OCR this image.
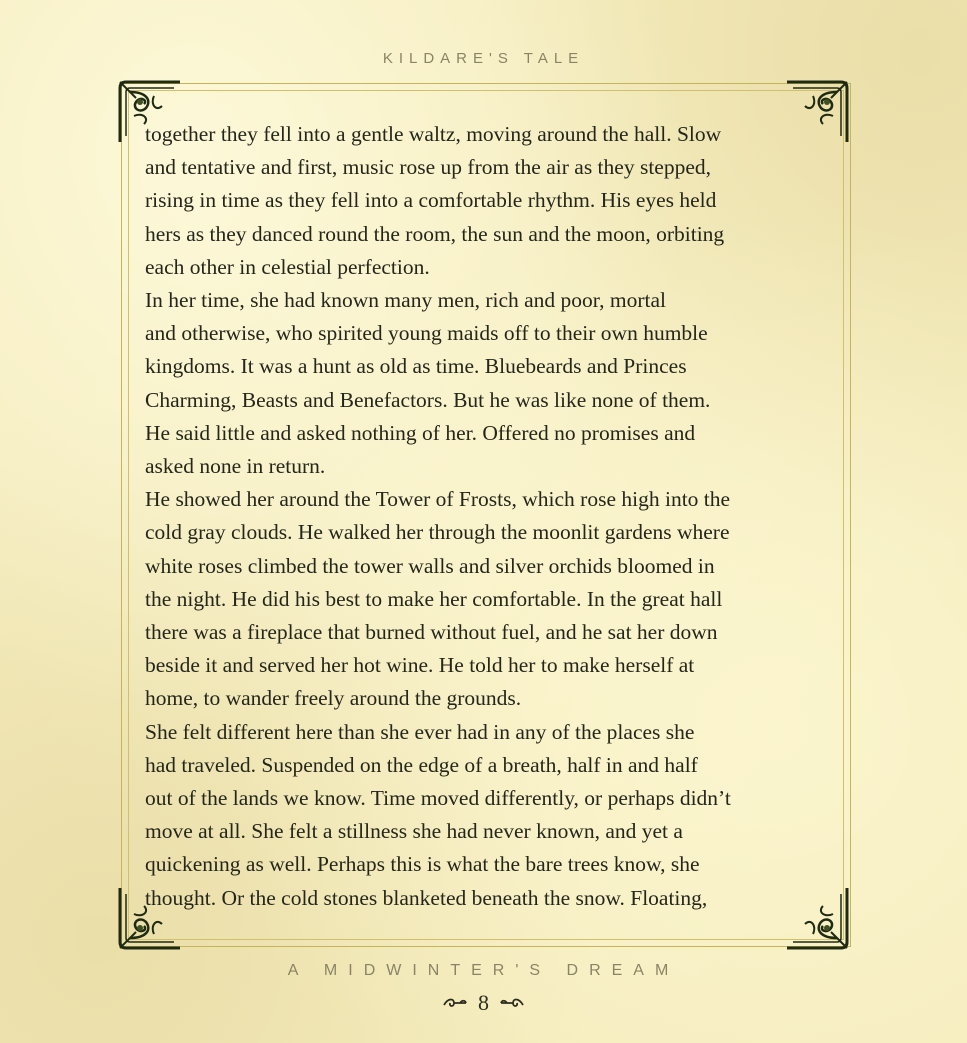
KILDARE'S TALE
together they fell into a gentle waltz, moving around the hall. Slow
and tentative and first, music rose up from the air as they stepped,
rising in time as they fell into a comfortable rhythm. His eyes held
hers as they danced round the room, the sun and the moon, orbiting
each other in celestial perfection.
In her time, she had known many men, rich and poor, mortal
and otherwise, who spirited young maids off to their own humble
kingdoms. It was a hunt as old as time. Bluebeards and Princes
Charming, Beasts and Benefactors. But he was like none of them.
He said little and asked nothing of her. Offered no promises and
asked none in return.
He showed her around the Tower of Frosts, which rose high into the
cold gray clouds. He walked her through the moonlit gardens where
white roses climbed the tower walls and silver orchids bloomed in
the night. He did his best to make her comfortable. In the great hall
there was a fireplace that burned without fuel, and he sat her down
beside it and served her hot wine. He told her to make herself at
home, to wander freely around the grounds.
She felt different here than she ever had in any of the places she
had traveled. Suspended on the edge of a breath, half in and half
out of the lands we know. Time moved differently, or perhaps didn’t
move at all. She felt a stillness she had never known, and yet a
quickening as well. Perhaps this is what the bare trees know, she
thought. Or the cold stones blanketed beneath the snow. Floating,
A MIDWINTER'S DREAM
8
